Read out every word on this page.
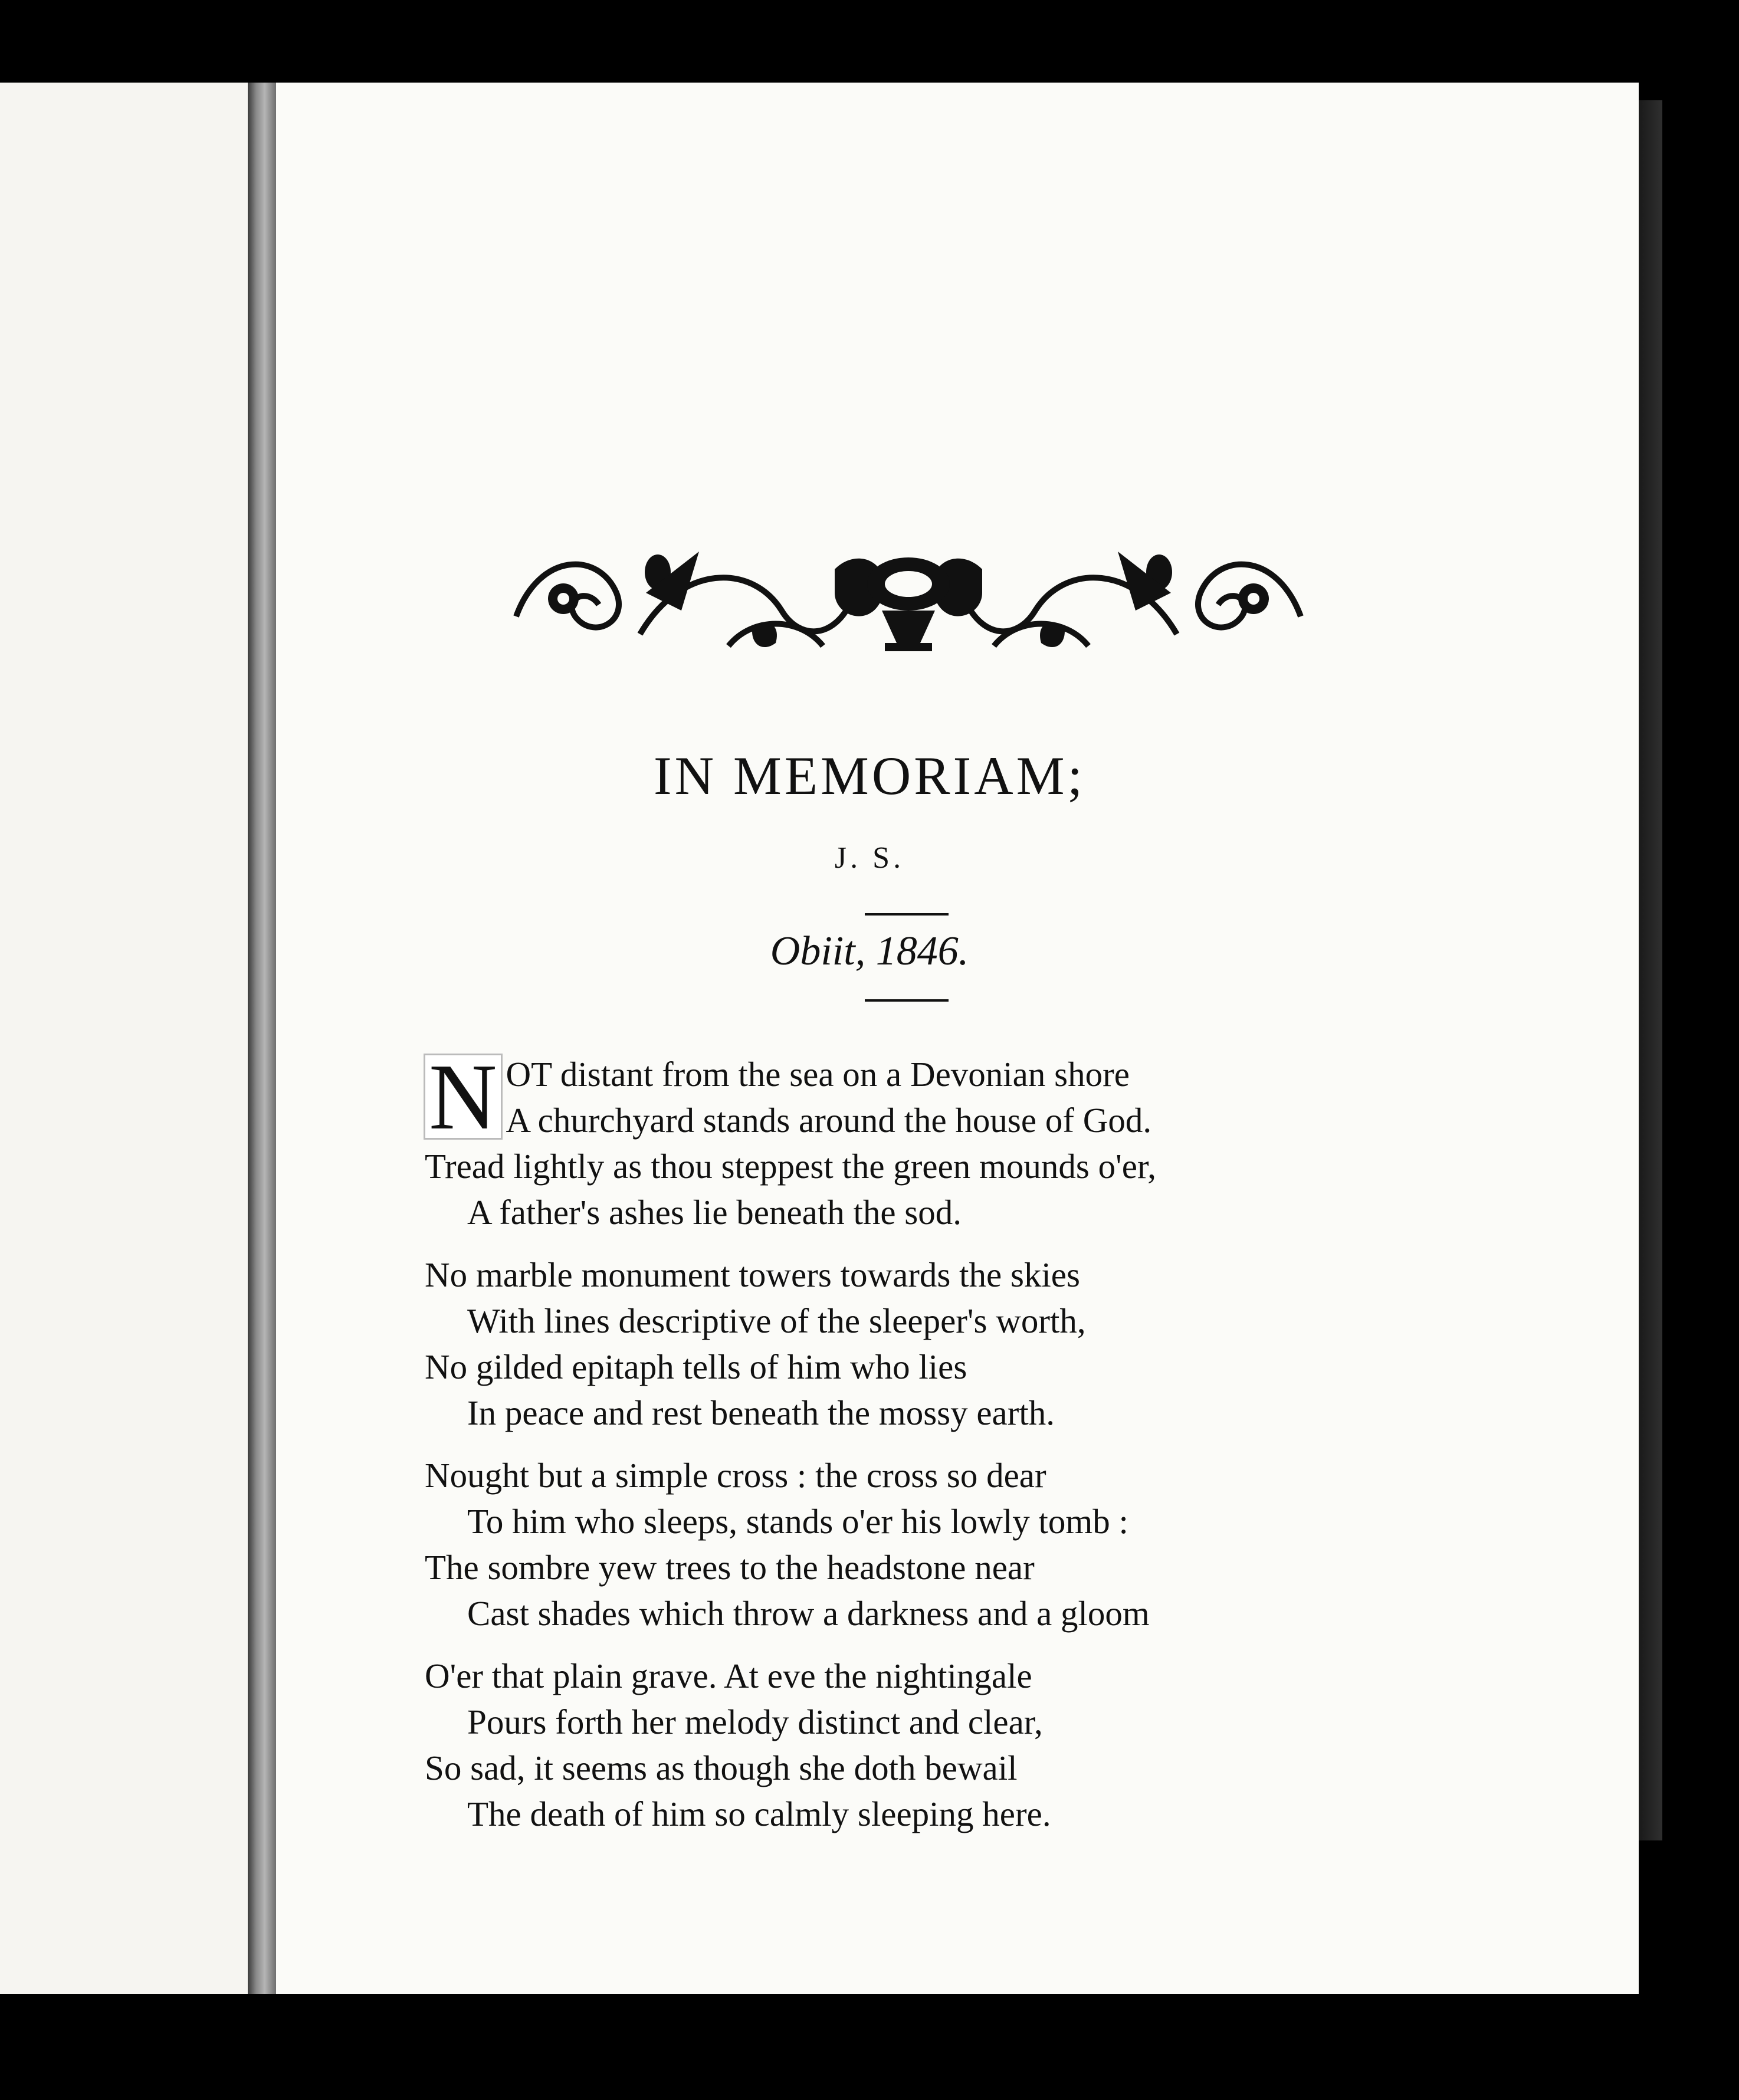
IN MEMORIAM;
J. S.
Obiit, 1846.
N OT distant from the sea on a Devonian shore
A churchyard stands around the house of God.
Tread lightly as thou steppest the green mounds o'er,
A father's ashes lie beneath the sod.
No marble monument towers towards the skies
With lines descriptive of the sleeper's worth,
No gilded epitaph tells of him who lies
In peace and rest beneath the mossy earth.
Nought but a simple cross : the cross so dear
To him who sleeps, stands o'er his lowly tomb :
The sombre yew trees to the headstone near
Cast shades which throw a darkness and a gloom
O'er that plain grave. At eve the nightingale
Pours forth her melody distinct and clear,
So sad, it seems as though she doth bewail
The death of him so calmly sleeping here.
